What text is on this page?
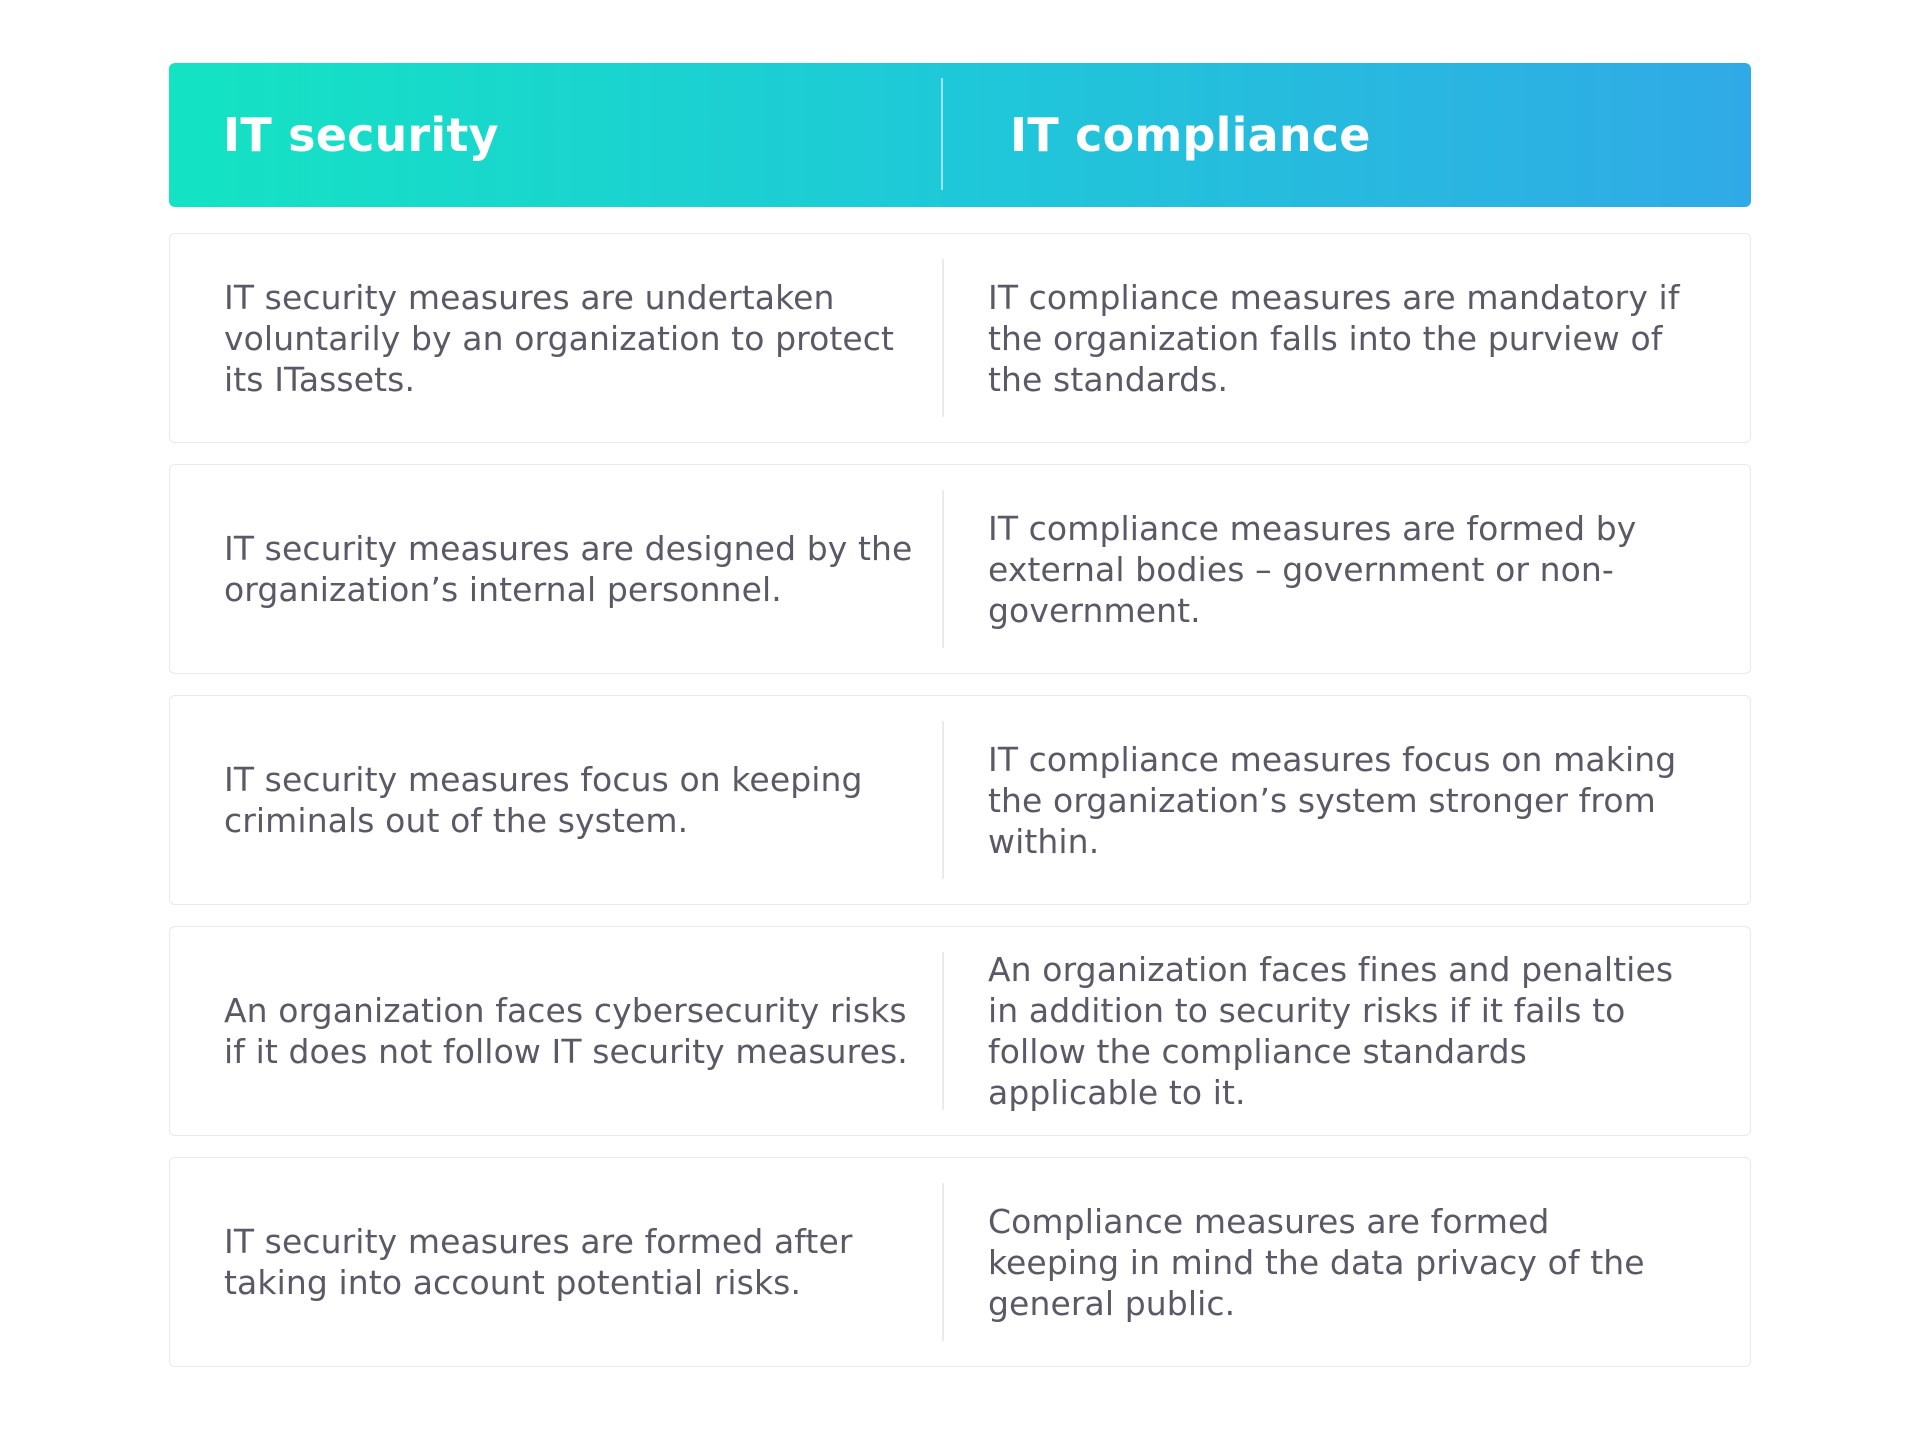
IT security	IT compliance
IT security measures are undertaken voluntarily by an organization to protect its ITassets.
IT compliance measures are mandatory if the organization falls into the purview of the standards.
IT security measures are designed by the organization’s internal personnel.
IT compliance measures are formed by external bodies – government or non-government.
IT security measures focus on keeping criminals out of the system.
IT compliance measures focus on making the organization’s system stronger from within.
An organization faces cybersecurity risks if it does not follow IT security measures.
An organization faces fines and penalties in addition to security risks if it fails to follow the compliance standards applicable to it.
IT security measures are formed after taking into account potential risks.
Compliance measures are formed keeping in mind the data privacy of the general public.
